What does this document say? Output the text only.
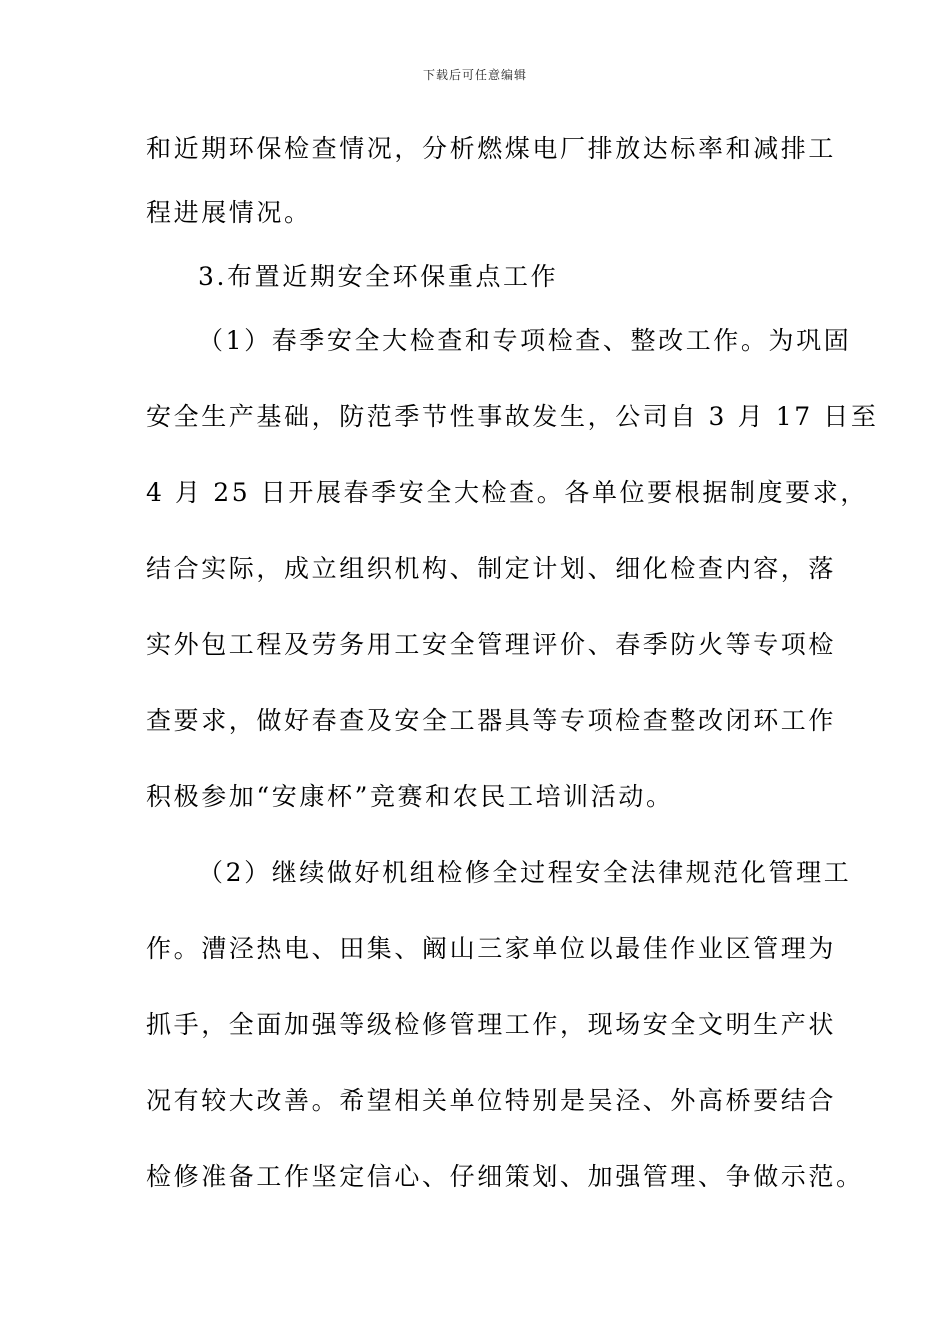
下载后可任意编辑
和近期环保检查情况，分析燃煤电厂排放达标率和减排工
程进展情况。
3.布置近期安全环保重点工作
（1）春季安全大检查和专项检查、整改工作。为巩固
安全生产基础，防范季节性事故发生，公司自 3 月 17 日至
4 月 25 日开展春季安全大检查。各单位要根据制度要求，
结合实际，成立组织机构、制定计划、细化检查内容，落
实外包工程及劳务用工安全管理评价、春季防火等专项检
查要求，做好春查及安全工器具等专项检查整改闭环工作
积极参加“安康杯”竞赛和农民工培训活动。
（2）继续做好机组检修全过程安全法律规范化管理工
作。漕泾热电、田集、阚山三家单位以最佳作业区管理为
抓手，全面加强等级检修管理工作，现场安全文明生产状
况有较大改善。希望相关单位特别是吴泾、外高桥要结合
检修准备工作坚定信心、仔细策划、加强管理、争做示范。
